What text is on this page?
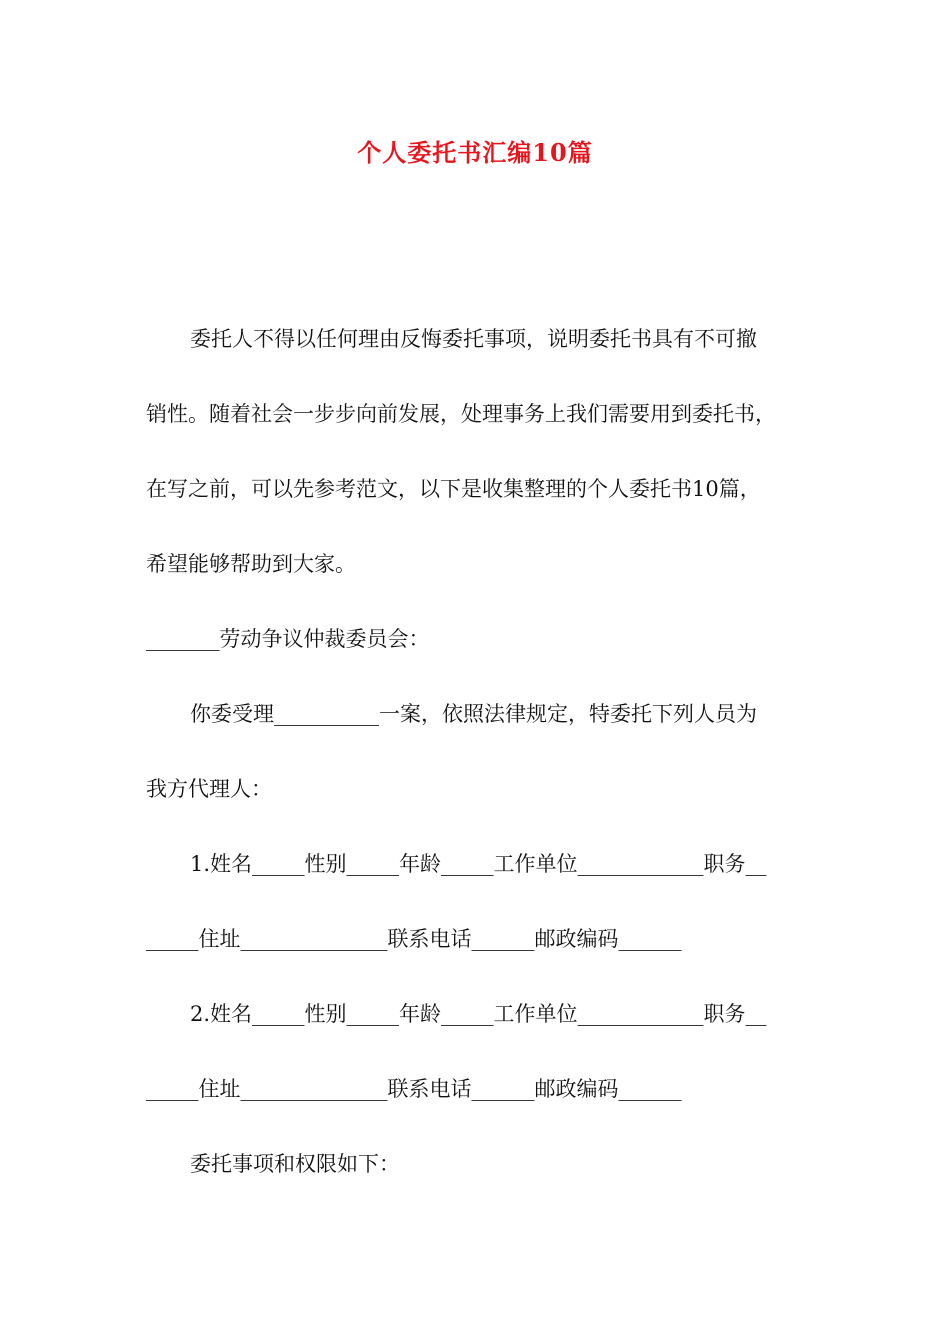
个人委托书汇编10篇
委托人不得以任何理由反悔委托事项，说明委托书具有不可撤
销性。随着社会一步步向前发展，处理事务上我们需要用到委托书，
在写之前，可以先参考范文，以下是收集整理的个人委托书10篇，
希望能够帮助到大家。
_______劳动争议仲裁委员会：
你委受理__________一案，依照法律规定，特委托下列人员为
我方代理人：
1.姓名_____性别_____年龄_____工作单位____________职务__
_____住址______________联系电话______邮政编码______
2.姓名_____性别_____年龄_____工作单位____________职务__
_____住址______________联系电话______邮政编码______
委托事项和权限如下：
